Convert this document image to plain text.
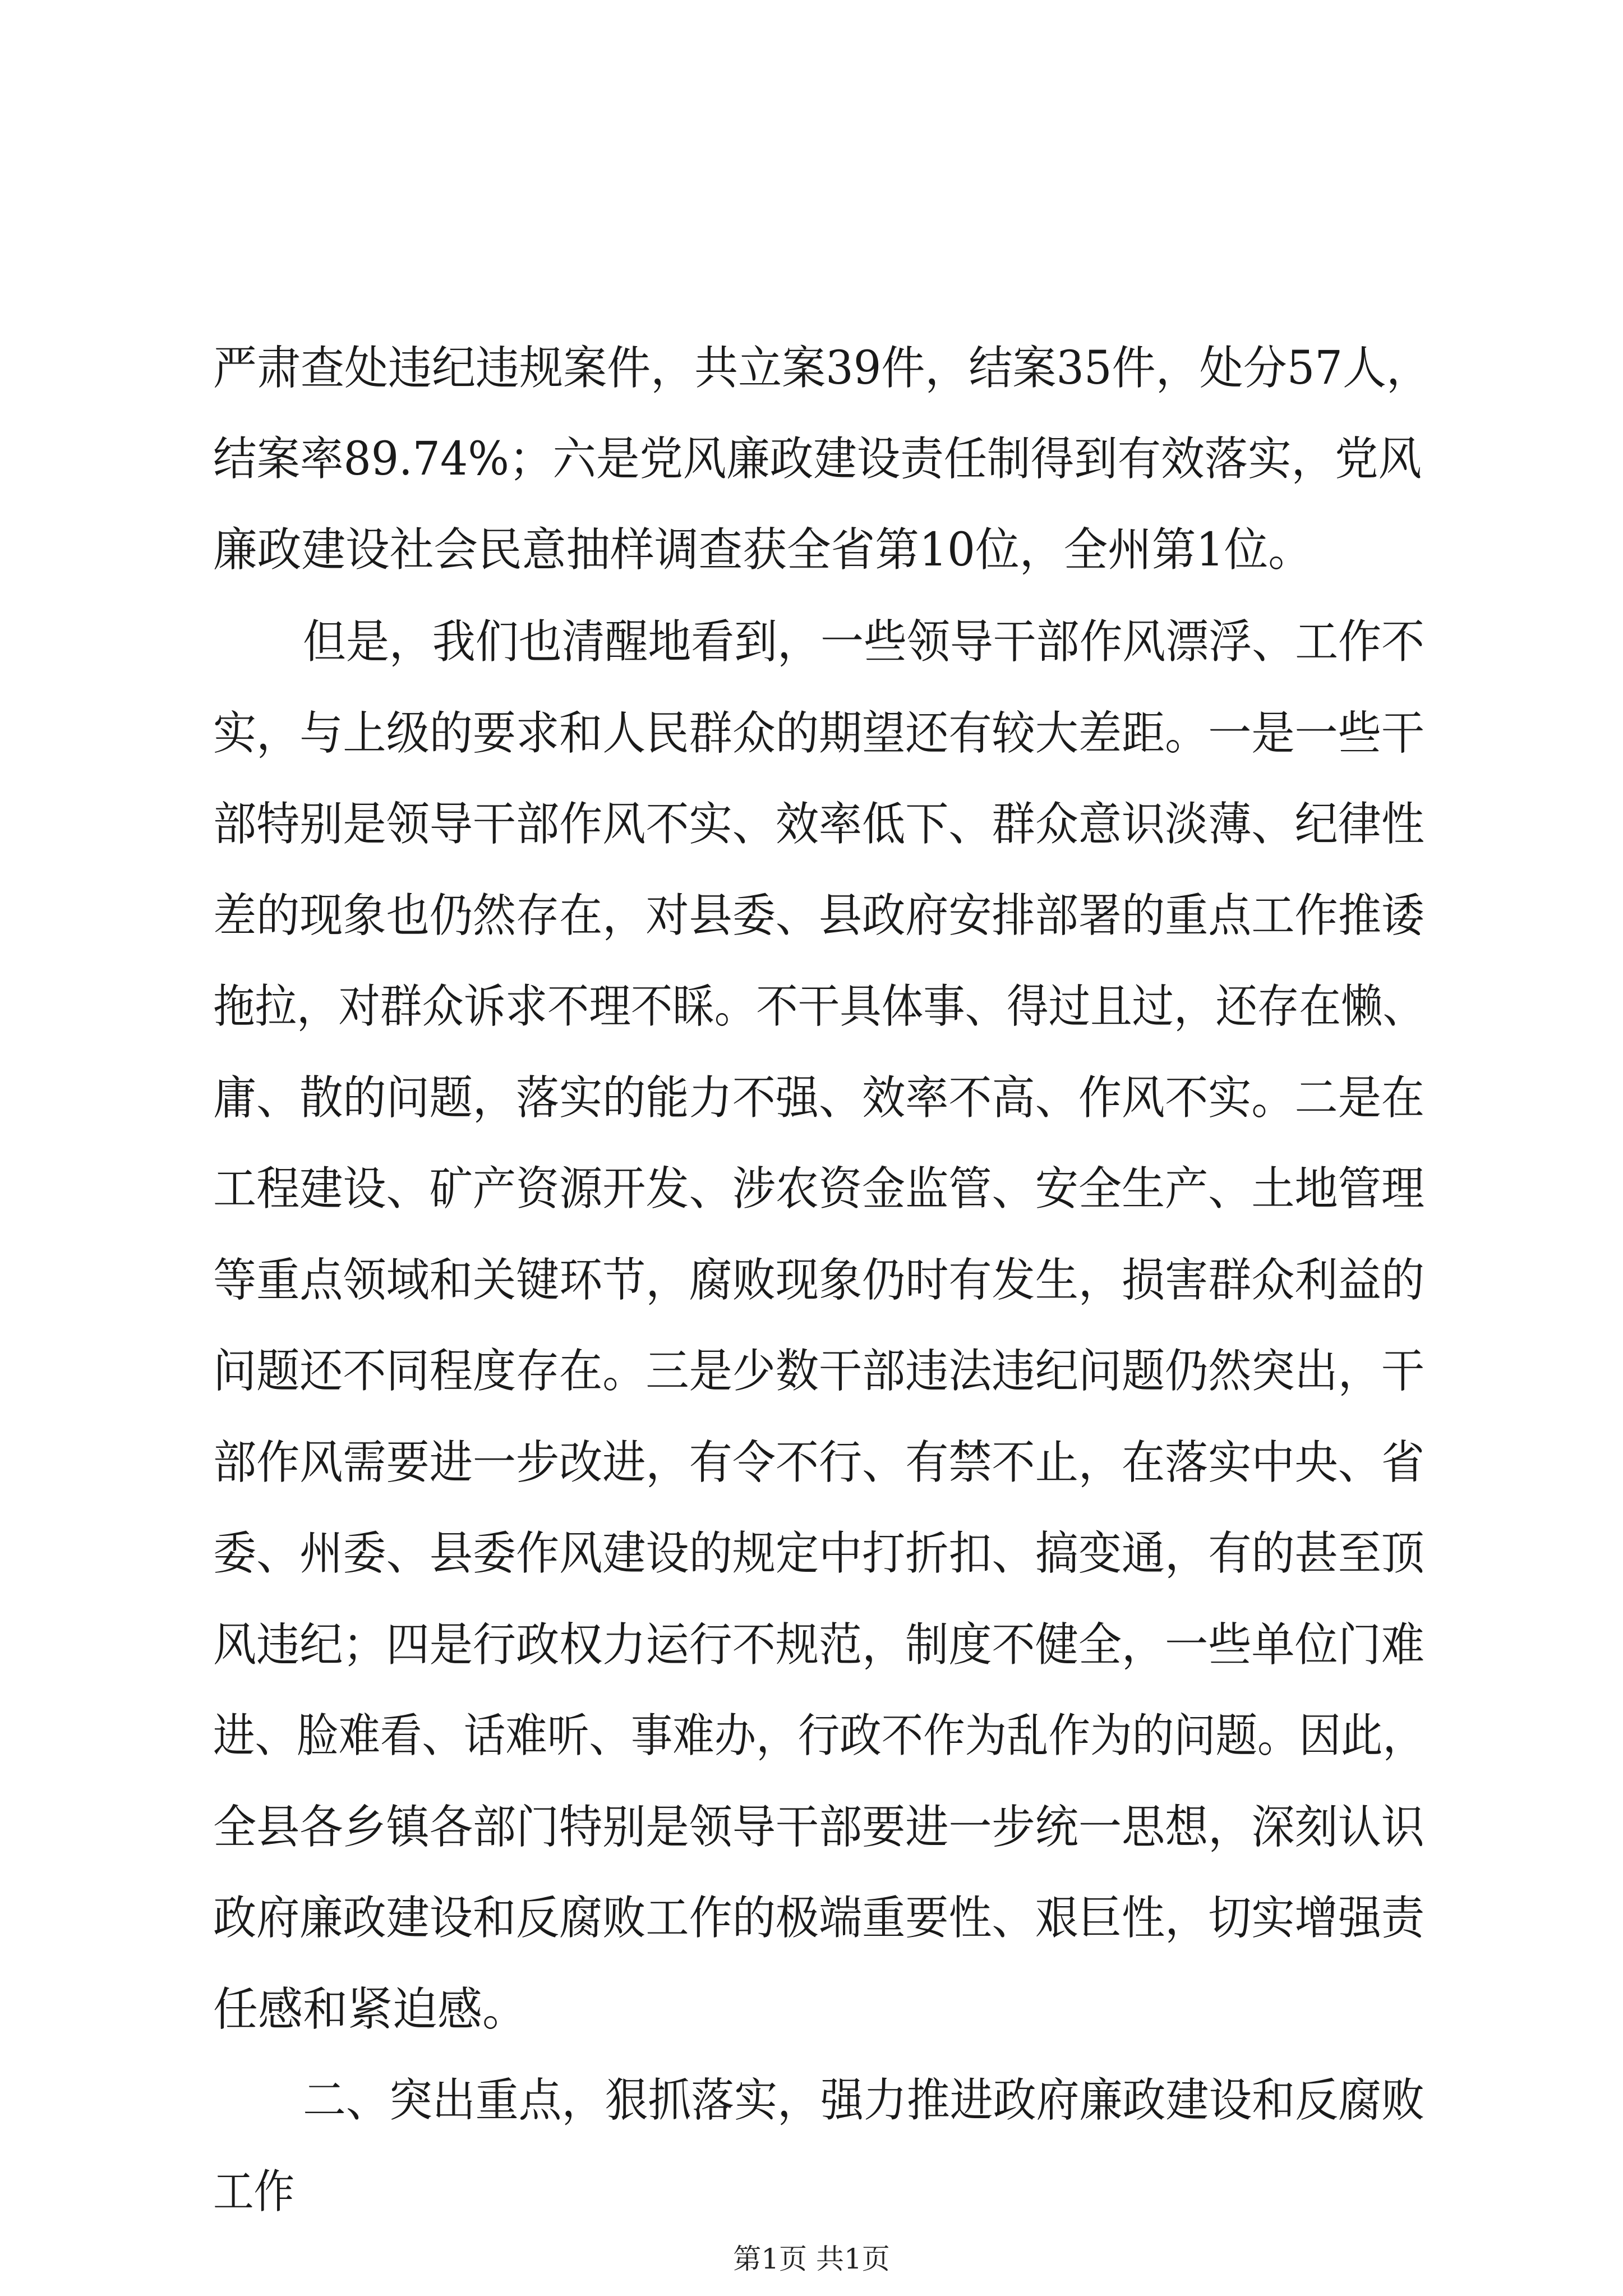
严肃查处违纪违规案件，共立案39件，结案35件，处分57人，
结案率89.74%；六是党风廉政建设责任制得到有效落实，党风
廉政建设社会民意抽样调查获全省第10位，全州第1位。
但是，我们也清醒地看到，一些领导干部作风漂浮、工作不
实，与上级的要求和人民群众的期望还有较大差距。一是一些干
部特别是领导干部作风不实、效率低下、群众意识淡薄、纪律性
差的现象也仍然存在，对县委、县政府安排部署的重点工作推诿
拖拉，对群众诉求不理不睬。不干具体事、得过且过，还存在懒、
庸、散的问题，落实的能力不强、效率不高、作风不实。二是在
工程建设、矿产资源开发、涉农资金监管、安全生产、土地管理
等重点领域和关键环节，腐败现象仍时有发生，损害群众利益的
问题还不同程度存在。三是少数干部违法违纪问题仍然突出，干
部作风需要进一步改进，有令不行、有禁不止，在落实中央、省
委、州委、县委作风建设的规定中打折扣、搞变通，有的甚至顶
风违纪；四是行政权力运行不规范，制度不健全，一些单位门难
进、脸难看、话难听、事难办，行政不作为乱作为的问题。因此，
全县各乡镇各部门特别是领导干部要进一步统一思想，深刻认识
政府廉政建设和反腐败工作的极端重要性、艰巨性，切实增强责
任感和紧迫感。
二、突出重点，狠抓落实，强力推进政府廉政建设和反腐败
工作
第1页 共1页
